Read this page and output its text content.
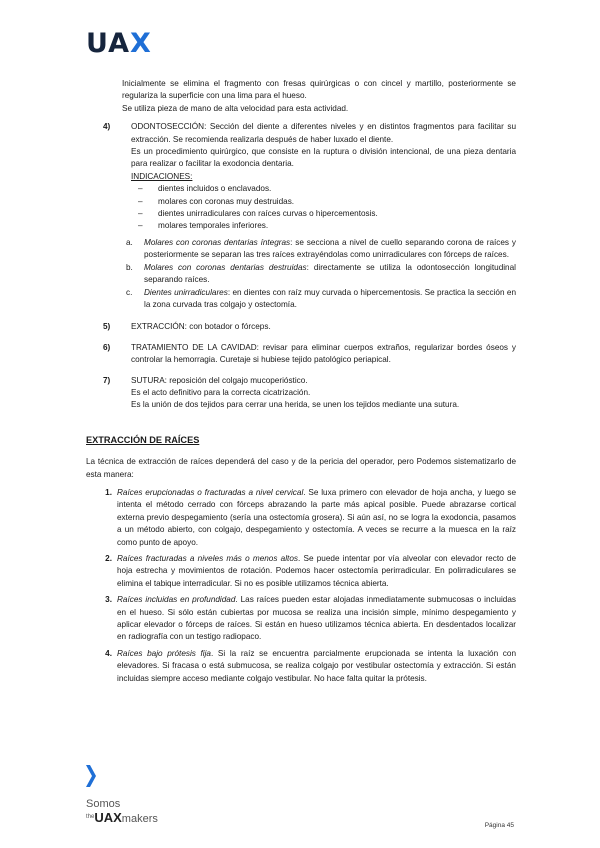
UAX

Inicialmente se elimina el fragmento con fresas quirúrgicas o con cincel y martillo, posteriormente se regulariza la superficie con una lima para el hueso.

Se utiliza pieza de mano de alta velocidad para esta actividad.

4)	ODONTOSECCIÓN: Sección del diente a diferentes niveles y en distintos fragmentos para facilitar su extracción. Se recomienda realizarla después de haber luxado el diente.

Es un procedimiento quirúrgico, que consiste en la ruptura o división intencional, de una pieza dentaria para realizar o facilitar la exodoncia dentaria.

INDICACIONES:

–	dientes incluidos o enclavados.
–	molares con coronas muy destruidas.
–	dientes unirradiculares con raíces curvas o hipercementosis.
–	molares temporales inferiores.
a.	Molares con coronas dentarias íntegras: se secciona a nivel de cuello separando corona de raíces y posteriormente se separan las tres raíces extrayéndolas como unirradiculares con fórceps de raíces.

b.	Molares con coronas dentarias destruidas: directamente se utiliza la odontosección longitudinal separando raíces.

c.	Dientes unirradiculares: en dientes con raíz muy curvada o hipercementosis. Se practica la sección en la zona curvada tras colgajo y ostectomía.

5)	EXTRACCIÓN: con botador o fórceps.

6)	TRATAMIENTO DE LA CAVIDAD: revisar para eliminar cuerpos extraños, regularizar bordes óseos y controlar la hemorragia. Curetaje si hubiese tejido patológico periapical.

7)	SUTURA: reposición del colgajo mucoperióstico.

Es el acto definitivo para la correcta cicatrización.

Es la unión de dos tejidos para cerrar una herida, se unen los tejidos mediante una sutura.

EXTRACCIÓN DE RAÍCES

La técnica de extracción de raíces dependerá del caso y de la pericia del operador, pero Podemos sistematizarlo de esta manera:

1. Raíces erupcionadas o fracturadas a nivel cervical. Se luxa primero con elevador de hoja ancha, y luego se intenta el método cerrado con fórceps abrazando la parte más apical posible. Puede abrazarse cortical externa previo despegamiento (sería una ostectomía grosera). Si aún así, no se logra la exodoncia, pasamos a un método abierto, con colgajo, despegamiento y ostectomía. A veces se recurre a la muesca en la raíz como punto de apoyo.

2. Raíces fracturadas a niveles más o menos altos. Se puede intentar por vía alveolar con elevador recto de hoja estrecha y movimientos de rotación. Podemos hacer ostectomía perirradicular. En polirradiculares se elimina el tabique interradicular. Si no es posible utilizamos técnica abierta.

3. Raíces incluidas en profundidad. Las raíces pueden estar alojadas inmediatamente submucosas o incluidas en el hueso. Si sólo están cubiertas por mucosa se realiza una incisión simple, mínimo despegamiento y aplicar elevador o fórceps de raíces. Si están en hueso utilizamos técnica abierta. En desdentados localizar en radiografía con un testigo radiopaco.

4. Raíces bajo prótesis fija. Si la raíz se encuentra parcialmente erupcionada se intenta la luxación con elevadores. Si fracasa o está submucosa, se realiza colgajo por vestibular ostectomía y extracción. Si están incluidas siempre acceso mediante colgajo vestibular. No hace falta quitar la prótesis.

Somos
$^{the}$UAXmakers
Página 45
